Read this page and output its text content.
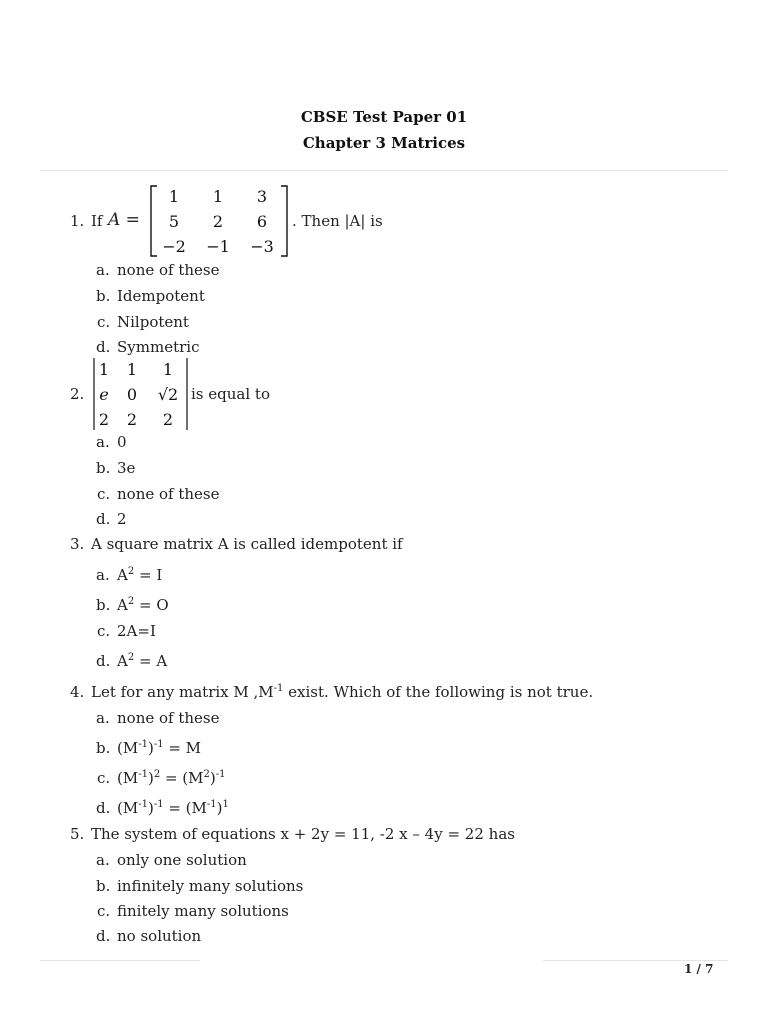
CBSE Test Paper 01
Chapter 3 Matrices
1. If A =
1	1	3
5	2	6
−2	−1	−3
. Then |A| is
a. none of these
b. Idempotent
c. Nilpotent
d. Symmetric
2.
1	1	1
e	0	√2
2	2	2
is equal to
a. 0
b. 3e
c. none of these
d. 2
3. A square matrix A is called idempotent if
a. $A^2 = I$
b. $A^2 = O$
c. 2A=I
d. $A^2 = A$
4. Let for any matrix M $,M^{-1}$ exist. Which of the following is not true.
a. none of these
b. $(M^{-1})^{-1} = M$
c. $(M^{-1})^2 = (M^2)^{-1}$
d. $(M^{-1})^{-1} = (M^{-1})^1$
5. The system of equations x + 2y = 11, -2 x – 4y = 22 has
a. only one solution
b. infinitely many solutions
c. finitely many solutions
d. no solution
1 / 7
